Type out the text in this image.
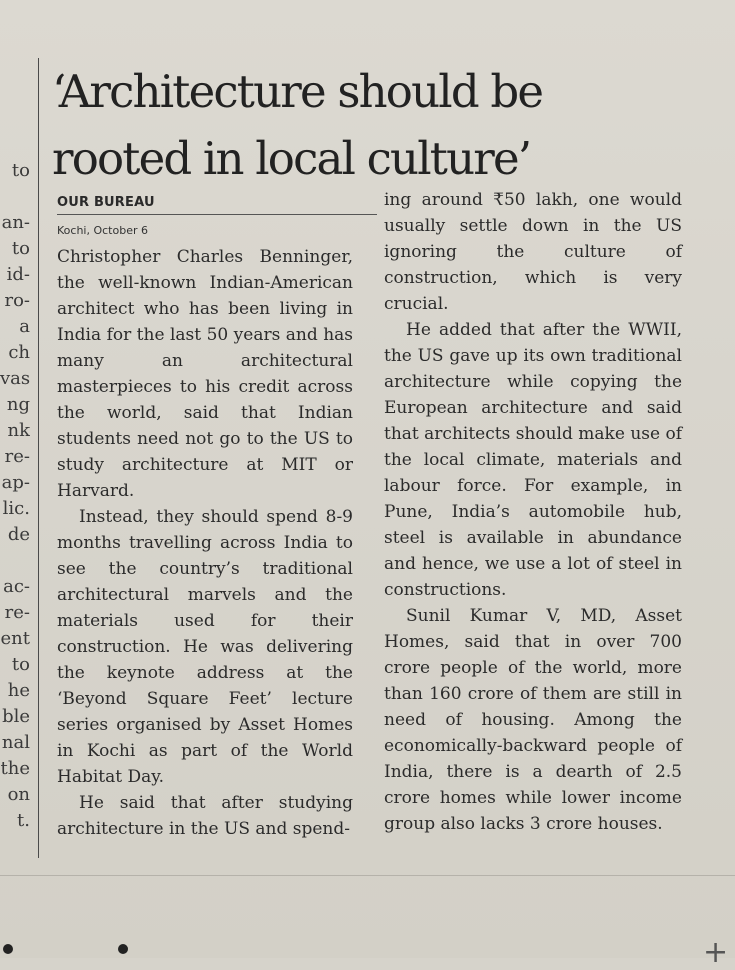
to
an-
to
id-
ro-
a
ch
vas
ng
nk
re-
ap-
lic.
de
ac-
re-
ent
to
he
ble
nal
the
on
t.
‘Architecture should be
rooted in local culture’
OUR BUREAU
Kochi, October 6

Christopher Charles Benninger, the well-known Indian-American architect who has been living in India for the last 50 years and has many an architectural masterpieces to his credit across the world, said that Indian students need not go to the US to study architecture at MIT or Harvard.

Instead, they should spend 8-9 months travelling across India to see the country’s traditional architectural marvels and the materials used for their construction. He was delivering the keynote address at the ‘Beyond Square Feet’ lecture series organised by Asset Homes in Kochi as part of the World Habitat Day.

He said that after studying architecture in the US and spend-

ing around ₹50 lakh, one would usually settle down in the US ignoring the culture of construction, which is very crucial.

He added that after the WWII, the US gave up its own traditional architecture while copying the European architecture and said that architects should make use of the local climate, materials and labour force. For example, in Pune, India’s automobile hub, steel is available in abundance and hence, we use a lot of steel in constructions.

Sunil Kumar V, MD, Asset Homes, said that in over 700 crore people of the world, more than 160 crore of them are still in need of housing. Among the economically-backward people of India, there is a dearth of 2.5 crore homes while lower income group also lacks 3 crore houses.

+
